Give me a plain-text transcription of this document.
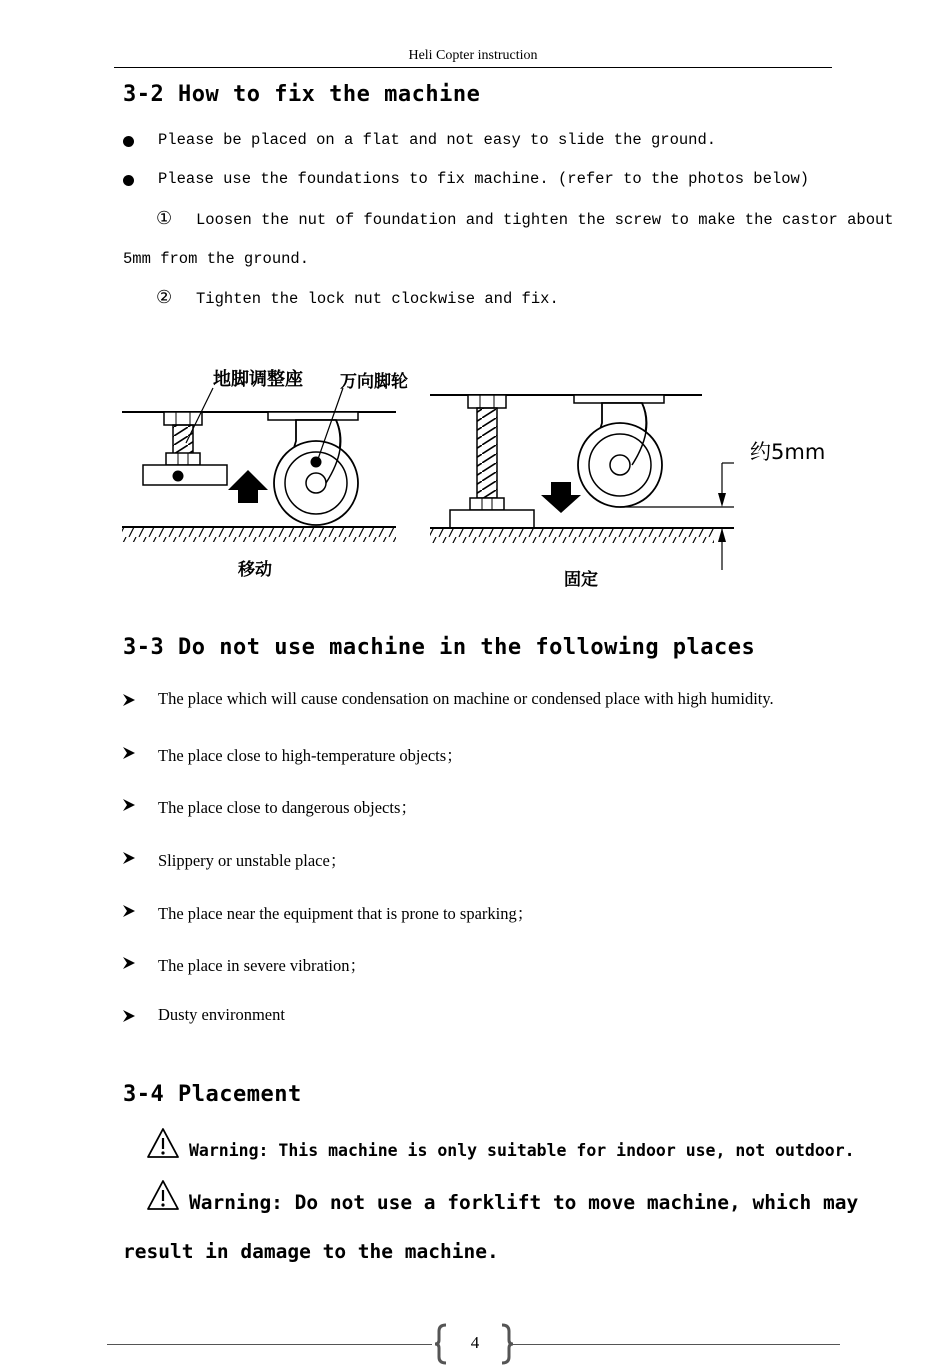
Heli Copter instruction
3-2 How to fix the machine
Please be placed on a flat and not easy to slide the ground.
Please use the foundations to fix machine. (refer to the photos below)
① Loosen the nut of foundation and tighten the screw to make the castor about
5mm from the ground.
② Tighten the lock nut clockwise and fix.
地脚调整座 万向脚轮
约5mm
移动	固定
3-3 Do not use machine in the following places
The place which will cause condensation on machine or condensed place with high humidity.
The place close to high-temperature objects；
The place close to dangerous objects；
Slippery or unstable place；
The place near the equipment that is prone to sparking；
The place in severe vibration；
Dusty environment
3-4 Placement
Warning: This machine is only suitable for indoor use, not outdoor.
Warning: Do not use a forklift to move machine, which may
result in damage to the machine.
4
